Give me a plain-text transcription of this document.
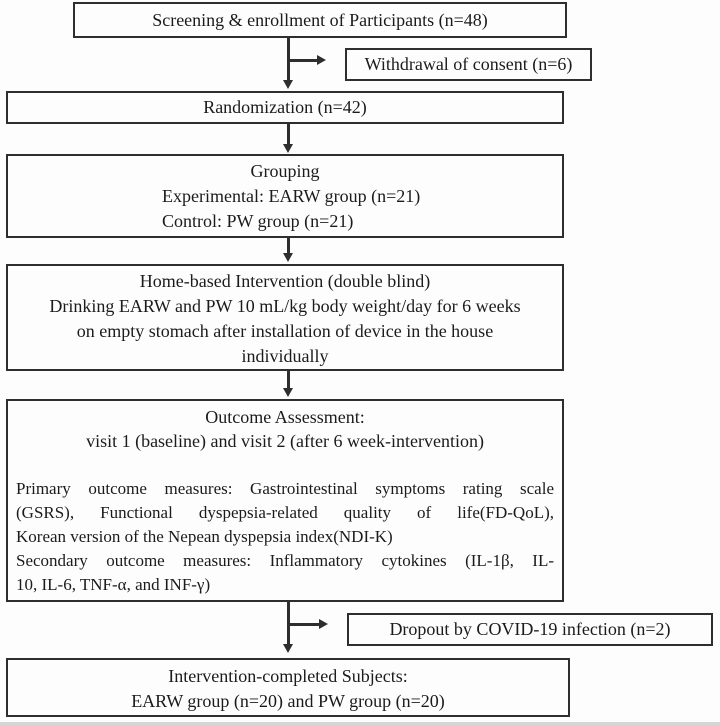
Screening & enrollment of Participants (n=48)
Withdrawal of consent (n=6)
Randomization (n=42)
Grouping
Experimental: EARW group (n=21)
Control: PW group (n=21)
Home-based Intervention (double blind)
Drinking EARW and PW 10 mL/kg body weight/day for 6 weeks
on empty stomach after installation of device in the house
individually
Outcome Assessment:
visit 1 (baseline) and visit 2 (after 6 week-intervention)
Primary outcome measures: Gastrointestinal symptoms rating scale
(GSRS), Functional dyspepsia-related quality of life(FD-QoL),
Korean version of the Nepean dyspepsia index(NDI-K)
Secondary outcome measures: Inflammatory cytokines (IL-1β, IL-
10, IL-6, TNF-α, and INF-γ)
Dropout by COVID-19 infection (n=2)
Intervention-completed Subjects:
EARW group (n=20) and PW group (n=20)
